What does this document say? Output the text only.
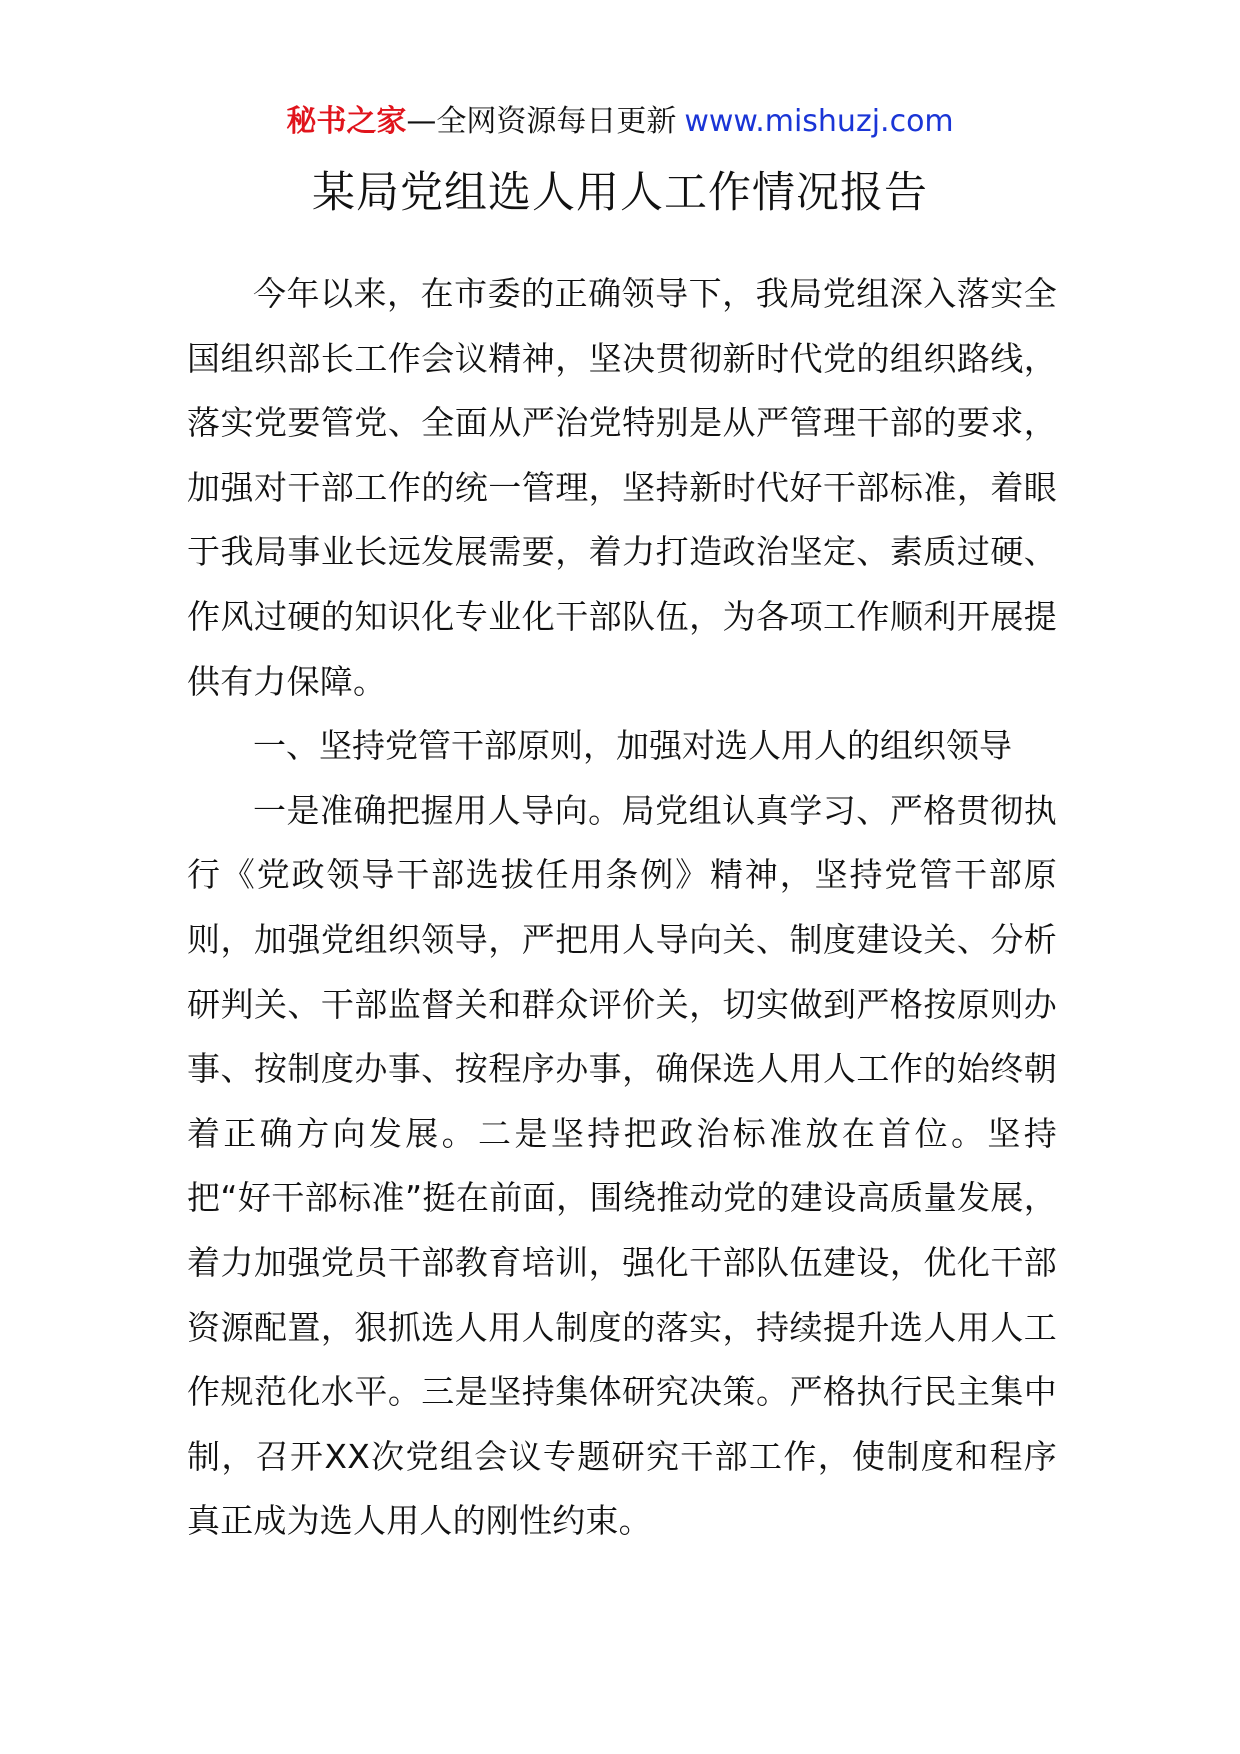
秘书之家—全网资源每日更新 www.mishuzj.com
某局党组选人用人工作情况报告

今年以来，在市委的正确领导下，我局党组深入落实全国组织部长工作会议精神，坚决贯彻新时代党的组织路线，落实党要管党、全面从严治党特别是从严管理干部的要求，加强对干部工作的统一管理，坚持新时代好干部标准，着眼于我局事业长远发展需要，着力打造政治坚定、素质过硬、作风过硬的知识化专业化干部队伍，为各项工作顺利开展提供有力保障。

一、坚持党管干部原则，加强对选人用人的组织领导

一是准确把握用人导向。局党组认真学习、严格贯彻执行《党政领导干部选拔任用条例》精神，坚持党管干部原则，加强党组织领导，严把用人导向关、制度建设关、分析研判关、干部监督关和群众评价关，切实做到严格按原则办事、按制度办事、按程序办事，确保选人用人工作的始终朝着正确方向发展。二是坚持把政治标准放在首位。坚持把“好干部标准”挺在前面，围绕推动党的建设高质量发展，着力加强党员干部教育培训，强化干部队伍建设，优化干部资源配置，狠抓选人用人制度的落实，持续提升选人用人工作规范化水平。三是坚持集体研究决策。严格执行民主集中制，召开XX次党组会议专题研究干部工作，使制度和程序真正成为选人用人的刚性约束。
